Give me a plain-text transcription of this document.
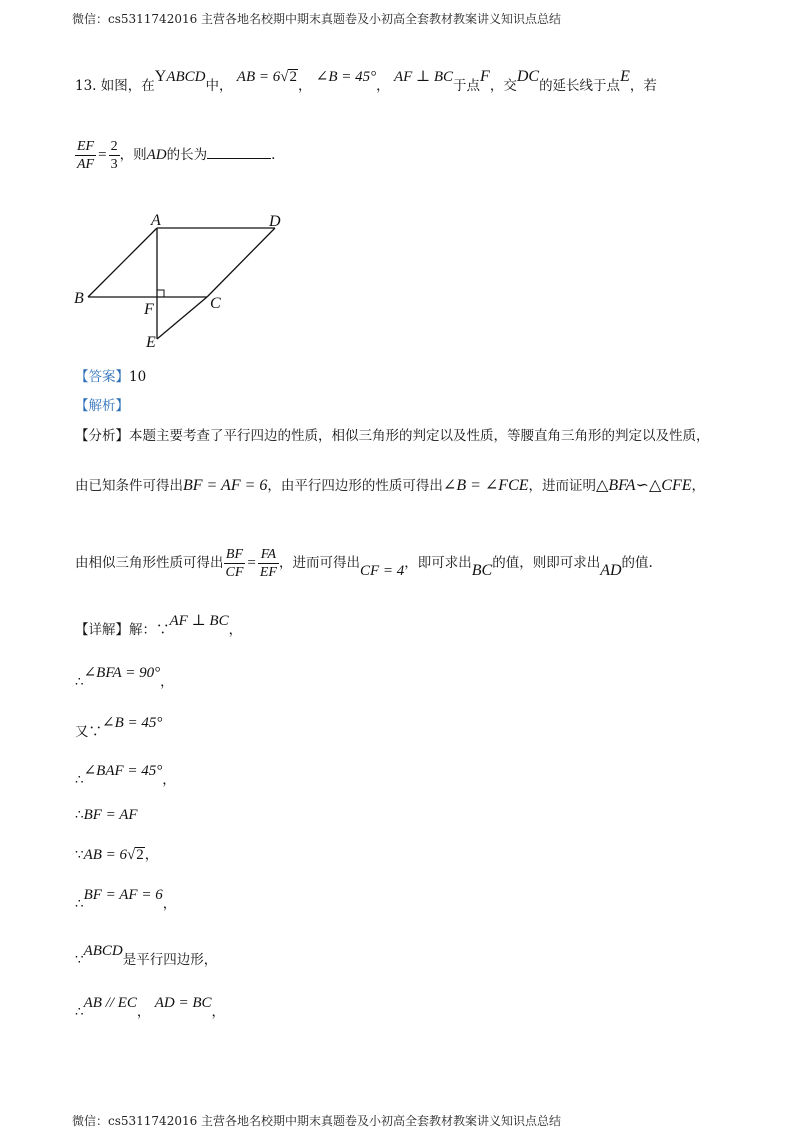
微信：cs5311742016 主营各地名校期中期末真题卷及小初高全套教材教案讲义知识点总结
13. 如图，在YABCD中， AB = 6√2， ∠B = 45°， AF ⊥ BC于点F，交DC的延长线于点E，若
$\frac{EF}{AF} = \frac{2}{3}$ ，则AD的长为	.
A	D
B	C
F
E
【答案】10
【解析】
【分析】本题主要考查了平行四边的性质，相似三角形的判定以及性质，等腰直角三角形的判定以及性质，
由已知条件可得出BF = AF = 6，由平行四边形的性质可得出∠B = ∠FCE，进而证明△BFA∽△CFE，
由相似三角形性质可得出 $\frac{BF}{CF} = \frac{FA}{EF}$ ，进而可得出CF = 4，即可求出BC的值，则即可求出AD的值.
【详解】解：∵AF ⊥ BC，
∴∠BFA = 90°，
又∵∠B = 45°
∴∠BAF = 45°，
∴BF = AF
∵AB = 6√2，
∴BF = AF = 6，
∵ABCD是平行四边形，
∴AB // EC， AD = BC，
微信：cs5311742016 主营各地名校期中期末真题卷及小初高全套教材教案讲义知识点总结
